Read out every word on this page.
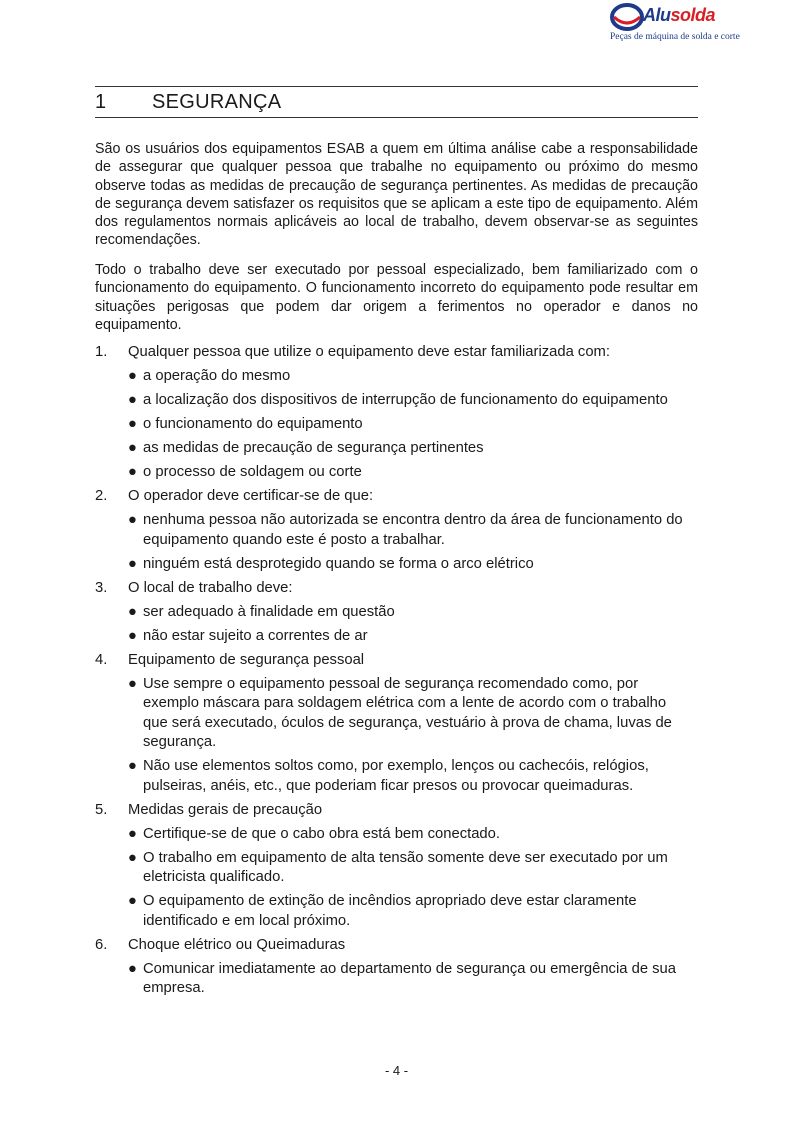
Alusolda
Peças de máquina de solda e corte
1 SEGURANÇA

São os usuários dos equipamentos ESAB a quem em última análise cabe a responsabilidade de assegurar que qualquer pessoa que trabalhe no equipamento ou próximo do mesmo observe todas as medidas de precaução de segurança pertinentes. As medidas de precaução de segurança devem satisfazer os requisitos que se aplicam a este tipo de equipamento. Além dos regulamentos normais aplicáveis ao local de trabalho, devem observar-se as seguintes recomendações.

Todo o trabalho deve ser executado por pessoal especializado, bem familiarizado com o funcionamento do equipamento. O funcionamento incorreto do equipamento pode resultar em situações perigosas que podem dar origem a ferimentos no operador e danos no equipamento.

1. Qualquer pessoa que utilize o equipamento deve estar familiarizada com:
● a operação do mesmo
● a localização dos dispositivos de interrupção de funcionamento do equipamento
● o funcionamento do equipamento
● as medidas de precaução de segurança pertinentes
● o processo de soldagem ou corte
2. O operador deve certificar-se de que:
● nenhuma pessoa não autorizada se encontra dentro da área de funcionamento do equipamento quando este é posto a trabalhar.
● ninguém está desprotegido quando se forma o arco elétrico
3. O local de trabalho deve:
● ser adequado à finalidade em questão
● não estar sujeito a correntes de ar
4. Equipamento de segurança pessoal
● Use sempre o equipamento pessoal de segurança recomendado como, por exemplo máscara para soldagem elétrica com a lente de acordo com o trabalho que será executado, óculos de segurança, vestuário à prova de chama, luvas de segurança.
● Não use elementos soltos como, por exemplo, lenços ou cachecóis, relógios, pulseiras, anéis, etc., que poderiam ficar presos ou provocar queimaduras.
5. Medidas gerais de precaução
● Certifique-se de que o cabo obra está bem conectado.
● O trabalho em equipamento de alta tensão somente deve ser executado por um eletricista qualificado.
● O equipamento de extinção de incêndios apropriado deve estar claramente identificado e em local próximo.
6. Choque elétrico ou Queimaduras
● Comunicar imediatamente ao departamento de segurança ou emergência de sua empresa.
- 4 -
